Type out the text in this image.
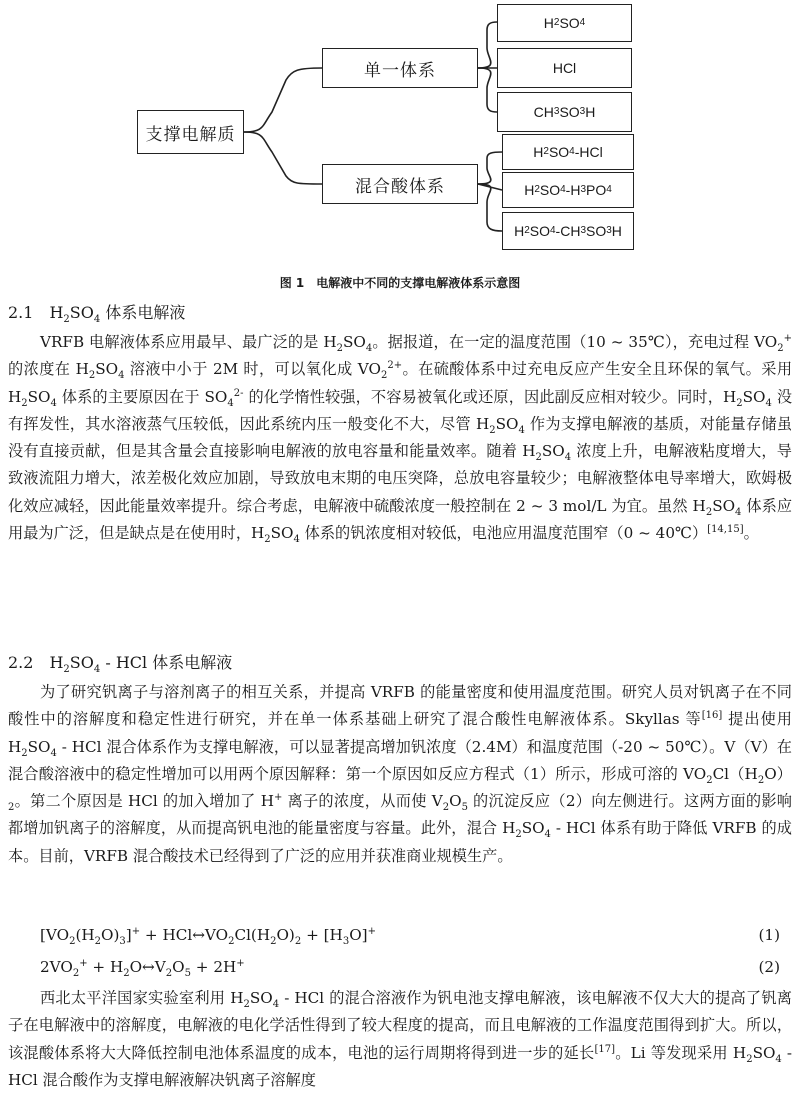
支撑电解质
单一体系
混合酸体系
H 2 SO 4
HCl
CH 3 SO 3 H
H 2 SO 4 -HCl
H 2 SO 4 -H 3 PO 4
H 2 SO 4 -CH 3 SO 3 H
图 1　电解液中不同的支撑电解液体系示意图
2.1　$H_2SO_4$ 体系电解液
VRFB 电解液体系应用最早、最广泛的是 $H_2SO_4$。据报道，在一定的温度范围（10 ~ 35℃），充电过程 $VO_2^+$ 的浓度在 $H_2SO_4$ 溶液中小于 2M 时，可以氧化成 $VO_2^{2+}$。在硫酸体系中过充电反应产生安全且环保的氧气。采用 $H_2SO_4$ 体系的主要原因在于 $SO_4^{2-}$ 的化学惰性较强，不容易被氧化或还原，因此副反应相对较少。同时，$H_2SO_4$ 没有挥发性，其水溶液蒸气压较低，因此系统内压一般变化不大，尽管 $H_2SO_4$ 作为支撑电解液的基质，对能量存储虽没有直接贡献，但是其含量会直接影响电解液的放电容量和能量效率。随着 $H_2SO_4$ 浓度上升，电解液粘度增大，导致液流阻力增大，浓差极化效应加剧，导致放电末期的电压突降，总放电容量较少；电解液整体电导率增大，欧姆极化效应减轻，因此能量效率提升。综合考虑，电解液中硫酸浓度一般控制在 2 ~ 3 mol/L 为宜。虽然 $H_2SO_4$ 体系应用最为广泛，但是缺点是在使用时，$H_2SO_4$ 体系的钒浓度相对较低，电池应用温度范围窄（0 ~ 40℃）[14,15]。
2.2　$H_2SO_4$ - HCl 体系电解液
为了研究钒离子与溶剂离子的相互关系，并提高 VRFB 的能量密度和使用温度范围。研究人员对钒离子在不同酸性中的溶解度和稳定性进行研究，并在单一体系基础上研究了混合酸性电解液体系。Skyllas 等[16] 提出使用 $H_2SO_4$ - HCl 混合体系作为支撑电解液，可以显著提高增加钒浓度（2.4M）和温度范围（-20 ~ 50℃）。V（V）在混合酸溶液中的稳定性增加可以用两个原因解释：第一个原因如反应方程式（1）所示，形成可溶的 $VO_2Cl(H_2O)_2$。第二个原因是 HCl 的加入增加了 H+ 离子的浓度，从而使 $V_2O_5$ 的沉淀反应（2）向左侧进行。这两方面的影响都增加钒离子的溶解度，从而提高钒电池的能量密度与容量。此外，混合 $H_2SO_4$ - HCl 体系有助于降低 VRFB 的成本。目前，VRFB 混合酸技术已经得到了广泛的应用并获准商业规模生产。
$[VO_2(H_2O)_3]^+$ + $HCl\leftrightarrow VO_2Cl(H_2O)_2 + [H_3O]^+$	(1)
$2VO_2^+$ + $H_2O\leftrightarrow V_2O_5 + 2H^+$	(2)
西北太平洋国家实验室利用 $H_2SO_4$ - HCl 的混合溶液作为钒电池支撑电解液，该电解液不仅大大的提高了钒离子在电解液中的溶解度，电解液的电化学活性得到了较大程度的提高，而且电解液的工作温度范围得到扩大。所以，该混酸体系将大大降低控制电池体系温度的成本，电池的运行周期将得到进一步的延长[17]。Li 等发现采用 $H_2SO_4$ - HCl 混合酸作为支撑电解液解决钒离子溶解度
